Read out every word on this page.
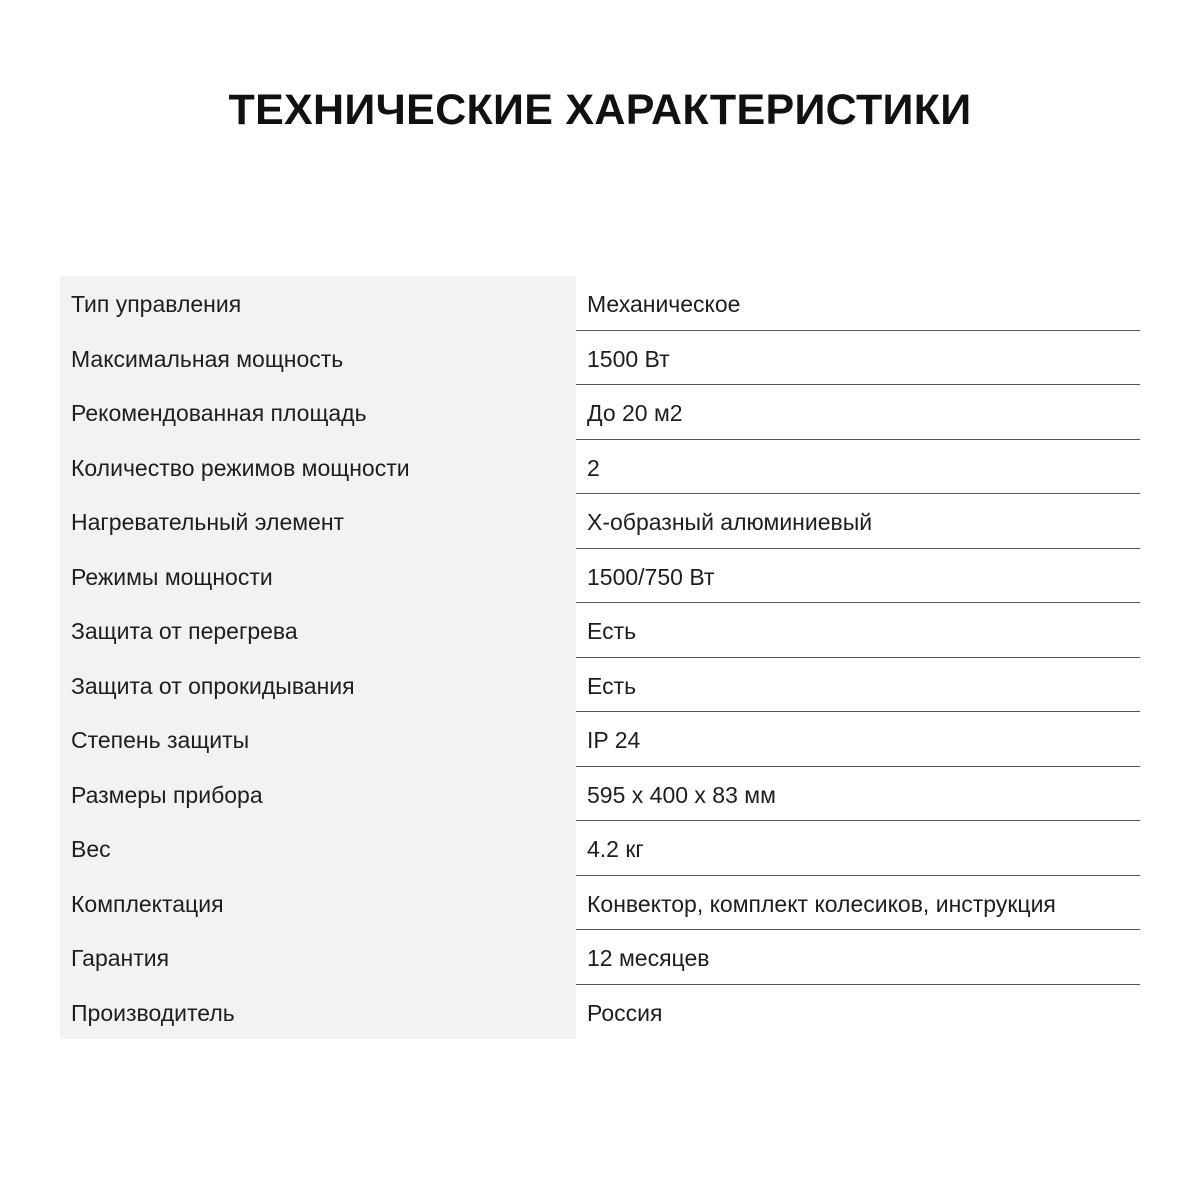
ТЕХНИЧЕСКИЕ ХАРАКТЕРИСТИКИ
Тип управления	Механическое
Максимальная мощность	1500 Вт
Рекомендованная площадь	До 20 м2
Количество режимов мощности	2
Нагревательный элемент	Х-образный алюминиевый
Режимы мощности	1500/750 Вт
Защита от перегрева	Есть
Защита от опрокидывания	Есть
Степень защиты	IP 24
Размеры прибора	595 х 400 х 83 мм
Вес	4.2 кг
Комплектация	Конвектор, комплект колесиков, инструкция
Гарантия	12 месяцев
Производитель	Россия
